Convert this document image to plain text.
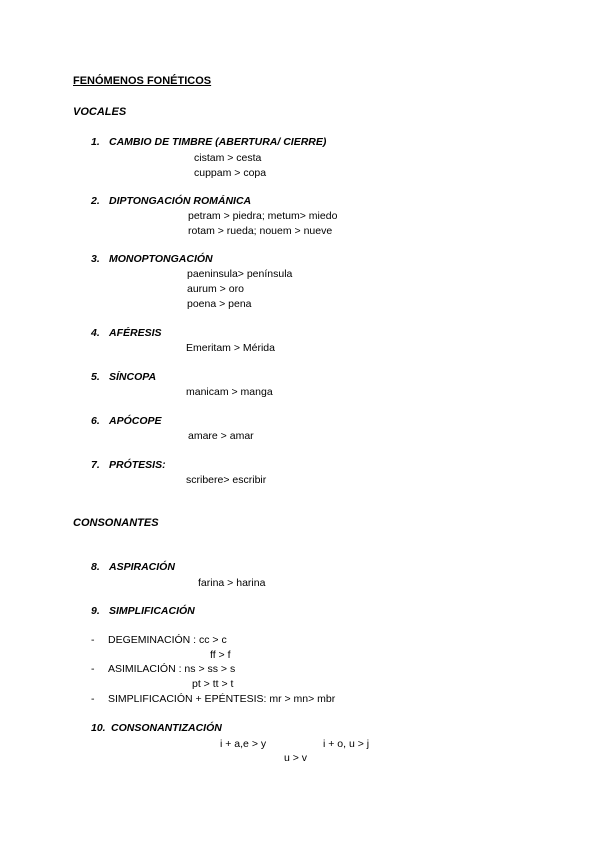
FENÓMENOS FONÉTICOS
VOCALES
1. CAMBIO DE TIMBRE (ABERTURA/ CIERRE)
cistam > cesta
cuppam > copa
2. DIPTONGACIÓN ROMÁNICA
petram > piedra; metum> miedo
rotam > rueda; nouem > nueve
3. MONOPTONGACIÓN
paeninsula> península
aurum > oro
poena > pena
4. AFÉRESIS
Emeritam > Mérida
5. SÍNCOPA
manicam > manga
6. APÓCOPE
amare > amar
7. PRÓTESIS:
scribere> escribir
CONSONANTES
8. ASPIRACIÓN
farina > harina
9. SIMPLIFICACIÓN
- DEGEMINACIÓN : cc > c
ff > f
- ASIMILACIÓN : ns > ss > s
pt > tt > t
- SIMPLIFICACIÓN + EPÉNTESIS: mr > mn> mbr
10. CONSONANTIZACIÓN
i + a,e > y	i + o, u > j
u > v
